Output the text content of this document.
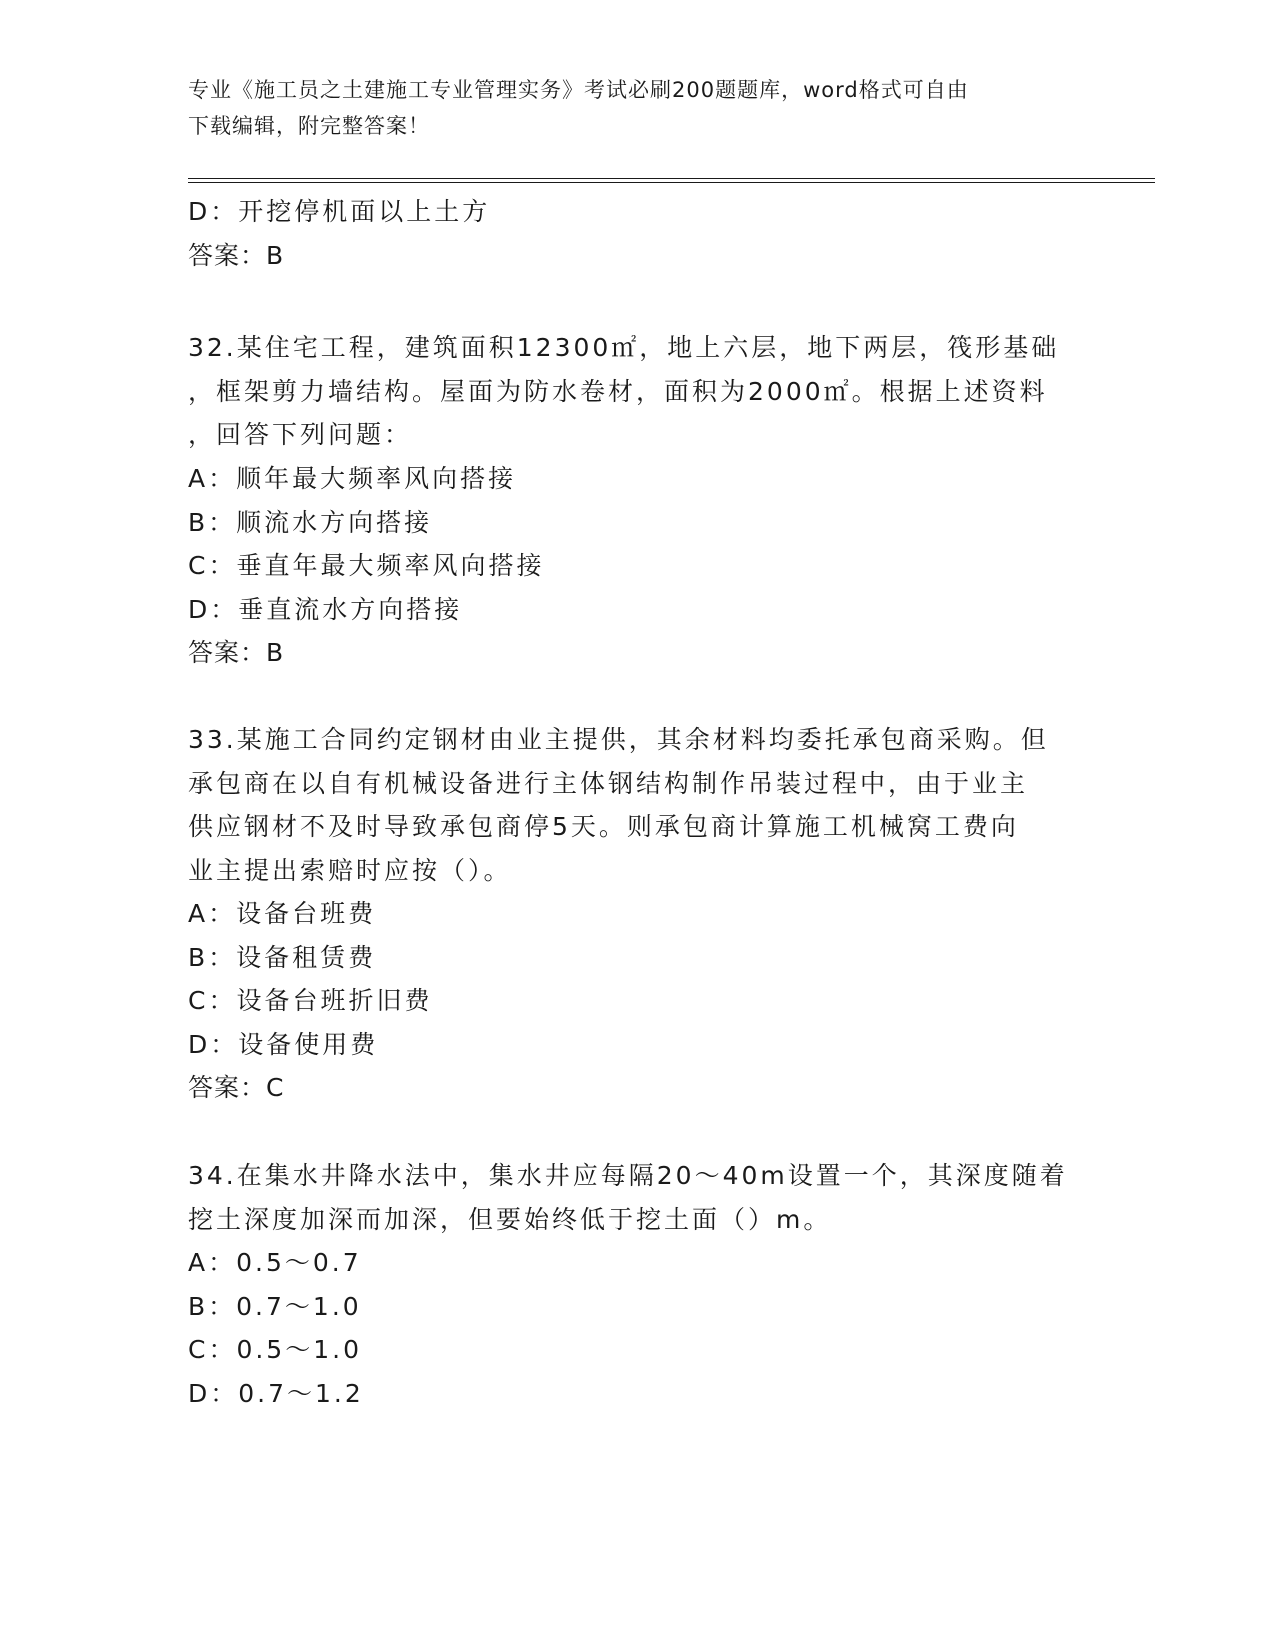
专业《施工员之土建施工专业管理实务》考试必刷200题题库，word格式可自由
下载编辑，附完整答案！
D：开挖停机面以上土方
答案：B
32.某住宅工程，建筑面积12300㎡，地上六层，地下两层，筏形基础
，框架剪力墙结构。屋面为防水卷材，面积为2000㎡。根据上述资料
，回答下列问题：
A：顺年最大频率风向搭接
B：顺流水方向搭接
C：垂直年最大频率风向搭接
D：垂直流水方向搭接
答案：B
33.某施工合同约定钢材由业主提供，其余材料均委托承包商采购。但
承包商在以自有机械设备进行主体钢结构制作吊装过程中，由于业主
供应钢材不及时导致承包商停5天。则承包商计算施工机械窝工费向
业主提出索赔时应按（）。
A：设备台班费
B：设备租赁费
C：设备台班折旧费
D：设备使用费
答案：C
34.在集水井降水法中，集水井应每隔20～40m设置一个，其深度随着
挖土深度加深而加深，但要始终低于挖土面（）m。
A：0.5～0.7
B：0.7～1.0
C：0.5～1.0
D：0.7～1.2
